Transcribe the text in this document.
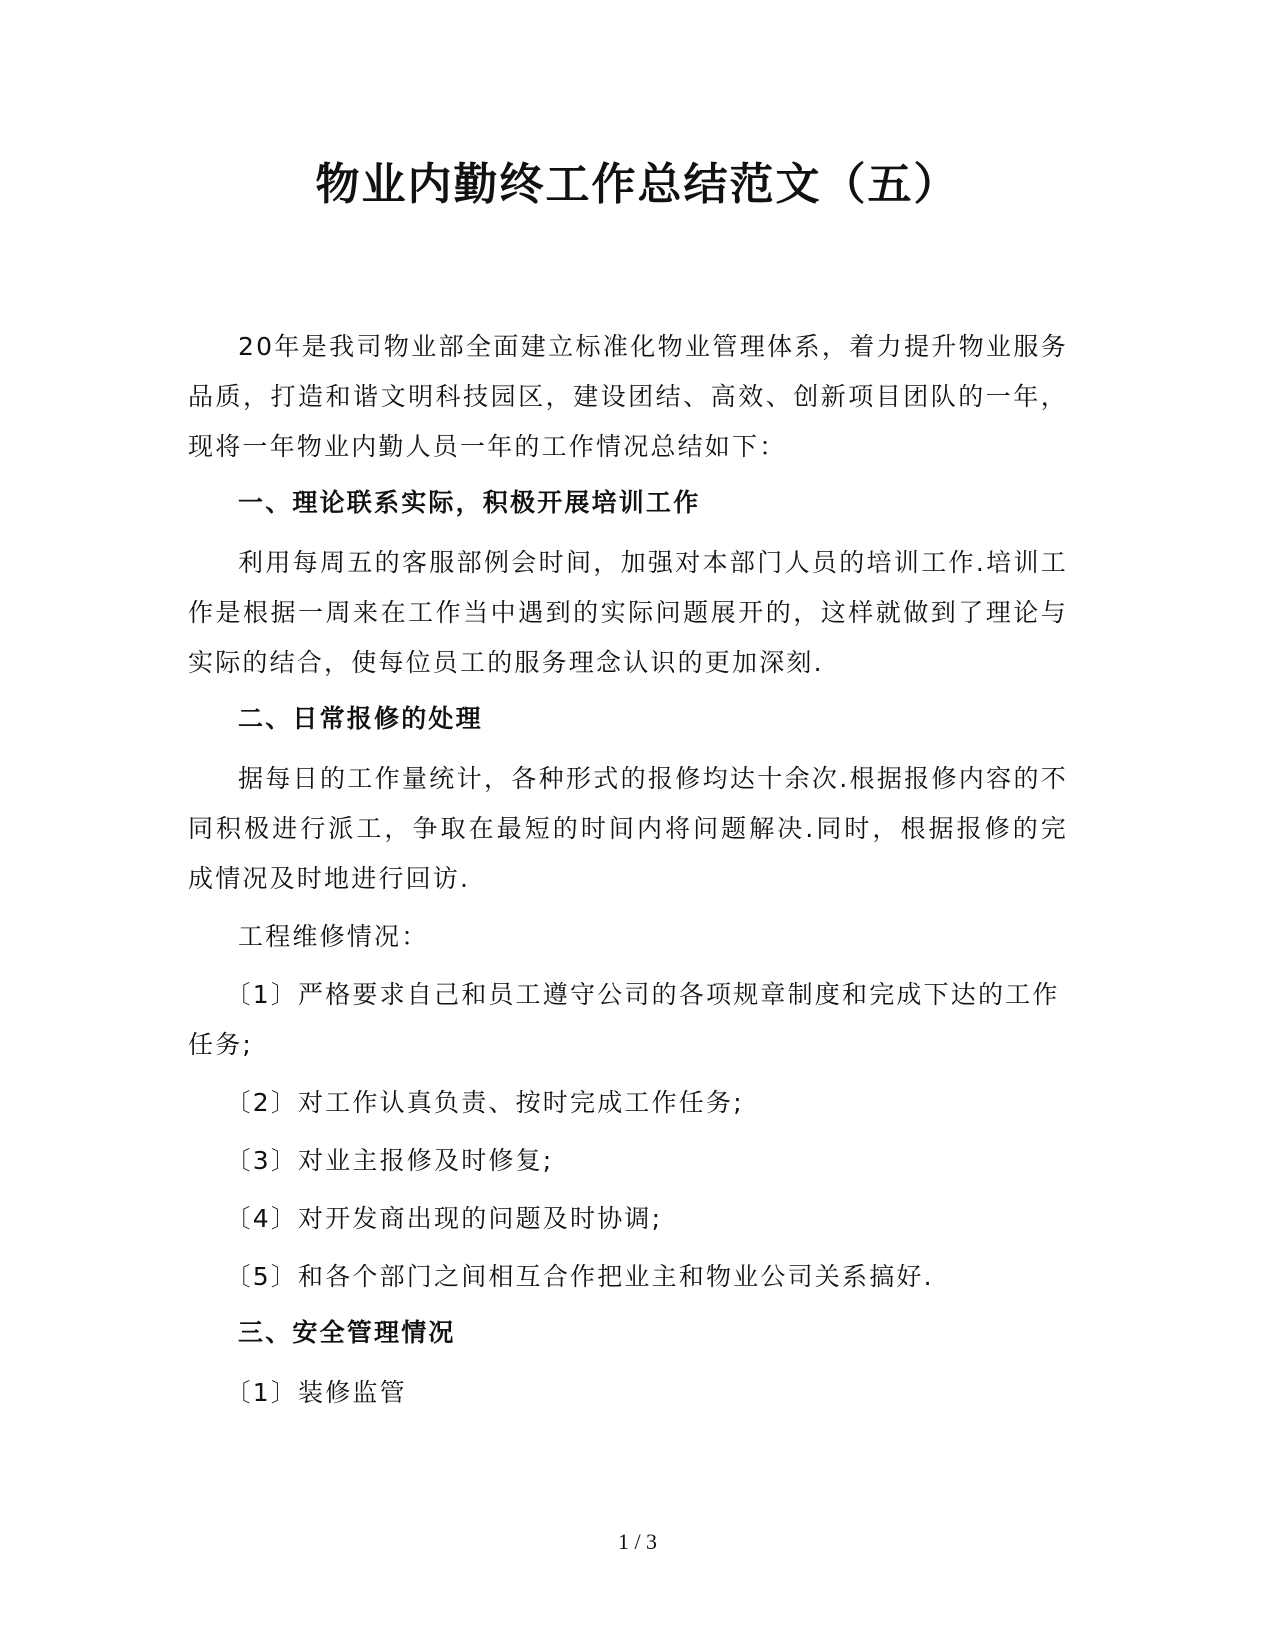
物业内勤终工作总结范文（五）

20年是我司物业部全面建立标准化物业管理体系，着力提升物业服务品质，打造和谐文明科技园区，建设团结、高效、创新项目团队的一年，现将一年物业内勤人员一年的工作情况总结如下：

一、理论联系实际，积极开展培训工作

利用每周五的客服部例会时间，加强对本部门人员的培训工作.培训工作是根据一周来在工作当中遇到的实际问题展开的，这样就做到了理论与实际的结合，使每位员工的服务理念认识的更加深刻.

二、日常报修的处理

据每日的工作量统计，各种形式的报修均达十余次.根据报修内容的不同积极进行派工，争取在最短的时间内将问题解决.同时，根据报修的完成情况及时地进行回访.

工程维修情况：

〔1〕严格要求自己和员工遵守公司的各项规章制度和完成下达的工作任务;

〔2〕对工作认真负责、按时完成工作任务;

〔3〕对业主报修及时修复;

〔4〕对开发商出现的问题及时协调;

〔5〕和各个部门之间相互合作把业主和物业公司关系搞好.

三、安全管理情况

〔1〕装修监管

1 / 3
